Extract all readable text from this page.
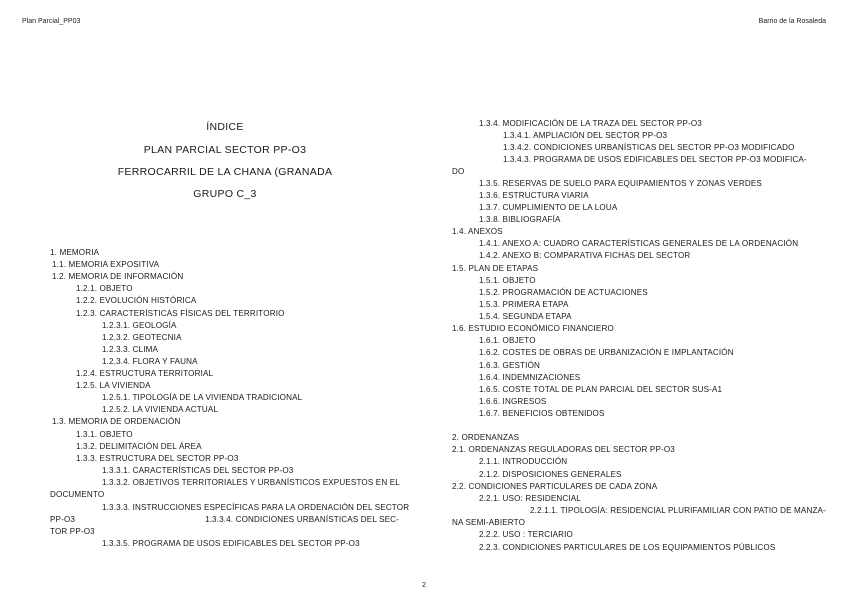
Plan Parcial_PP03	Barrio de la Rosaleda
ÍNDICE
PLAN PARCIAL SECTOR PP-O3
FERROCARRIL DE LA CHANA (GRANADA
GRUPO C_3
1. MEMORIA
1.1. MEMORIA EXPOSITIVA
1.2. MEMORIA DE INFORMACIÓN
1.2.1. OBJETO
1.2.2. EVOLUCIÓN HISTÓRICA
1.2.3. CARACTERÍSTICAS FÍSICAS DEL TERRITORIO
1.2.3.1. GEOLOGÍA
1.2.3.2. GEOTECNIA
1.2.3.3. CLIMA
1.2.3.4. FLORA Y FAUNA
1.2.4. ESTRUCTURA TERRITORIAL
1.2.5. LA VIVIENDA
1.2.5.1. TIPOLOGÍA DE LA VIVIENDA TRADICIONAL
1.2.5.2. LA VIVIENDA ACTUAL
1.3. MEMORIA DE ORDENACIÓN
1.3.1. OBJETO
1.3.2. DELIMITACIÓN DEL ÁREA
1.3.3. ESTRUCTURA DEL SECTOR PP-O3
1.3.3.1. CARACTERÍSTICAS DEL SECTOR PP-O3
1.3.3.2. OBJETIVOS TERRITORIALES Y URBANÍSTICOS EXPUESTOS EN EL
DOCUMENTO
1.3.3.3. INSTRUCCIONES ESPECÍFICAS PARA LA ORDENACIÓN DEL SECTOR
PP-O3	1.3.3.4. CONDICIONES URBANÍSTICAS DEL SEC-
TOR PP-O3
1.3.3.5. PROGRAMA DE USOS EDIFICABLES DEL SECTOR PP-O3
1.3.4. MODIFICACIÓN DE LA TRAZA DEL SECTOR PP-O3
1.3.4.1. AMPLIACIÓN DEL SECTOR PP-O3
1.3.4.2. CONDICIONES URBANÍSTICAS DEL SECTOR PP-O3 MODIFICADO
1.3.4.3. PROGRAMA DE USOS EDIFICABLES DEL SECTOR PP-O3 MODIFICA-
DO
1.3.5. RESERVAS DE SUELO PARA EQUIPAMIENTOS Y ZONAS VERDES
1.3.6. ESTRUCTURA VIARIA
1.3.7. CUMPLIMIENTO DE LA LOUA
1.3.8. BIBLIOGRAFÍA
1.4. ANEXOS
1.4.1. ANEXO A: CUADRO CARACTERÍSTICAS GENERALES DE LA ORDENACIÓN
1.4.2. ANEXO B: COMPARATIVA FICHAS DEL SECTOR
1.5. PLAN DE ETAPAS
1.5.1. OBJETO
1.5.2. PROGRAMACIÓN DE ACTUACIONES
1.5.3. PRIMERA ETAPA
1.5.4. SEGUNDA ETAPA
1.6. ESTUDIO ECONÓMICO FINANCIERO
1.6.1. OBJETO
1.6.2. COSTES DE OBRAS DE URBANIZACIÓN E IMPLANTACIÓN
1.6.3. GESTIÓN
1.6.4. INDEMNIZACIONES
1.6.5. COSTE TOTAL DE PLAN PARCIAL DEL SECTOR SUS-A1
1.6.6. INGRESOS
1.6.7. BENEFICIOS OBTENIDOS
2. ORDENANZAS
2.1. ORDENANZAS REGULADORAS DEL SECTOR PP-O3
2.1.1. INTRODUCCIÓN
2.1.2. DISPOSICIONES GENERALES
2.2. CONDICIONES PARTICULARES DE CADA ZONA
2.2.1. USO: RESIDENCIAL
2.2.1.1. TIPOLOGÍA: RESIDENCIAL PLURIFAMILIAR CON PATIO DE MANZA-
NA SEMI-ABIERTO
2.2.2. USO : TERCIARIO
2.2.3. CONDICIONES PARTICULARES DE LOS EQUIPAMIENTOS PÚBLICOS
2
